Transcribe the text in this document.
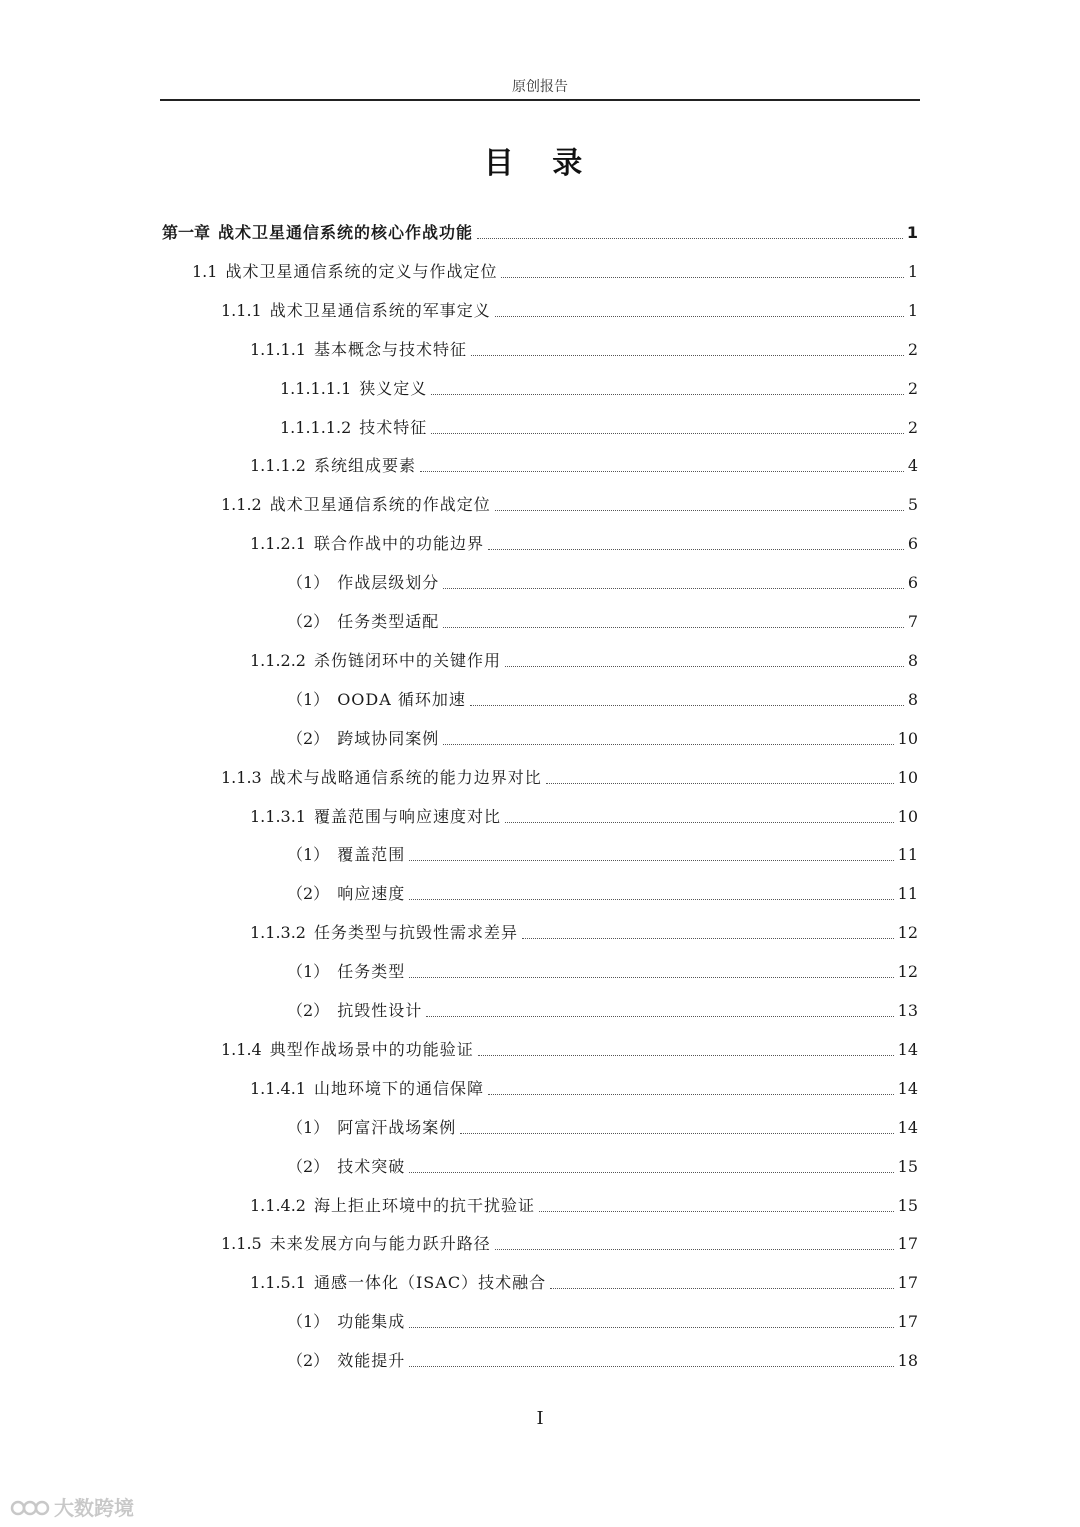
原创报告
目 录
第一章 战术卫星通信系统的核心作战功能	1
1.1 战术卫星通信系统的定义与作战定位	1
1.1.1 战术卫星通信系统的军事定义	1
1.1.1.1 基本概念与技术特征	2
1.1.1.1.1 狭义定义	2
1.1.1.1.2 技术特征	2
1.1.1.2 系统组成要素	4
1.1.2 战术卫星通信系统的作战定位	5
1.1.2.1 联合作战中的功能边界	6
（1） 作战层级划分	6
（2） 任务类型适配	7
1.1.2.2 杀伤链闭环中的关键作用	8
（1） OODA 循环加速	8
（2） 跨域协同案例	10
1.1.3 战术与战略通信系统的能力边界对比	10
1.1.3.1 覆盖范围与响应速度对比	10
（1） 覆盖范围	11
（2） 响应速度	11
1.1.3.2 任务类型与抗毁性需求差异	12
（1） 任务类型	12
（2） 抗毁性设计	13
1.1.4 典型作战场景中的功能验证	14
1.1.4.1 山地环境下的通信保障	14
（1） 阿富汗战场案例	14
（2） 技术突破	15
1.1.4.2 海上拒止环境中的抗干扰验证	15
1.1.5 未来发展方向与能力跃升路径	17
1.1.5.1 通感一体化（ISAC）技术融合	17
（1） 功能集成	17
（2） 效能提升	18
I
大数跨境
